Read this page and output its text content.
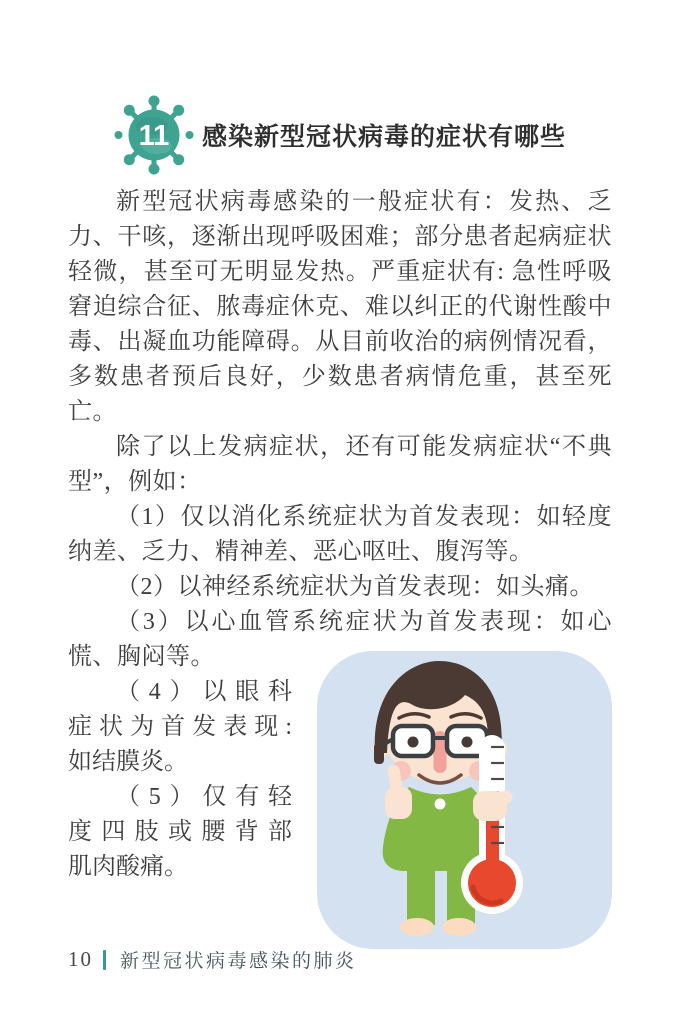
11 感染新型冠状病毒的症状有哪些

新型冠状病毒感染的一般症状有：发热、乏力、干咳，逐渐出现呼吸困难；部分患者起病症状轻微，甚至可无明显发热。严重症状有: 急性呼吸窘迫综合征、脓毒症休克、难以纠正的代谢性酸中毒、出凝血功能障碍。从目前收治的病例情况看，多数患者预后良好，少数患者病情危重，甚至死亡。

除了以上发病症状，还有可能发病症状“不典型”，例如：

（1）仅以消化系统症状为首发表现：如轻度纳差、乏力、精神差、恶心呕吐、腹泻等。

（2）以神经系统症状为首发表现：如头痛。

（3）以心血管系统症状为首发表现：如心慌、胸闷等。

（4）以眼科
症状为首发表现:
如结膜炎。
（5）仅有轻
度四肢或腰背部
肌肉酸痛。
10 新型冠状病毒感染的肺炎
